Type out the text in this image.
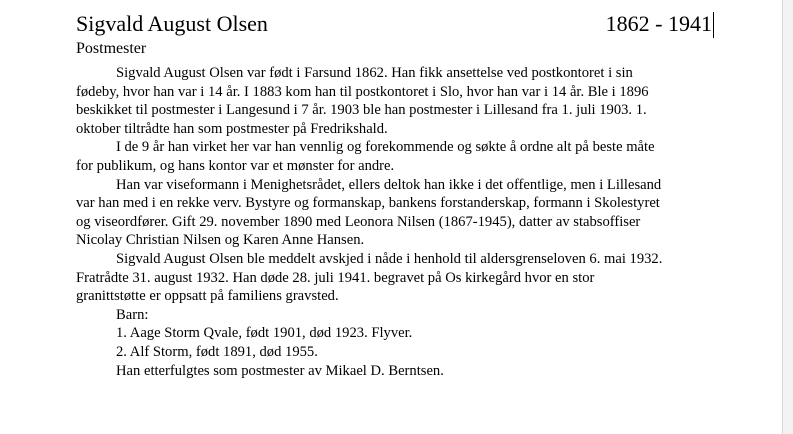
Sigvald August Olsen	1862 - 1941
Postmester
Sigvald August Olsen var født i Farsund 1862. Han fikk ansettelse ved postkontoret i sin
fødeby, hvor han var i 14 år. I 1883 kom han til postkontoret i Slo, hvor han var i 14 år. Ble i 1896
beskikket til postmester i Langesund i 7 år. 1903 ble han postmester i Lillesand fra 1. juli 1903. 1.
oktober tiltrådte han som postmester på Fredrikshald.
I de 9 år han virket her var han vennlig og forekommende og søkte å ordne alt på beste måte
for publikum, og hans kontor var et mønster for andre.
Han var viseformann i Menighetsrådet, ellers deltok han ikke i det offentlige, men i Lillesand
var han med i en rekke verv. Bystyre og formanskap, bankens forstanderskap, formann i Skolestyret
og viseordfører. Gift 29. november 1890 med Leonora Nilsen (1867-1945), datter av stabsoffiser
Nicolay Christian Nilsen og Karen Anne Hansen.
Sigvald August Olsen ble meddelt avskjed i nåde i henhold til aldersgrenseloven 6. mai 1932.
Fratrådte 31. august 1932. Han døde 28. juli 1941. begravet på Os kirkegård hvor en stor
granittstøtte er oppsatt på familiens gravsted.
Barn:
1. Aage Storm Qvale, født 1901, død 1923. Flyver.
2. Alf Storm, født 1891, død 1955.
Han etterfulgtes som postmester av Mikael D. Berntsen.
